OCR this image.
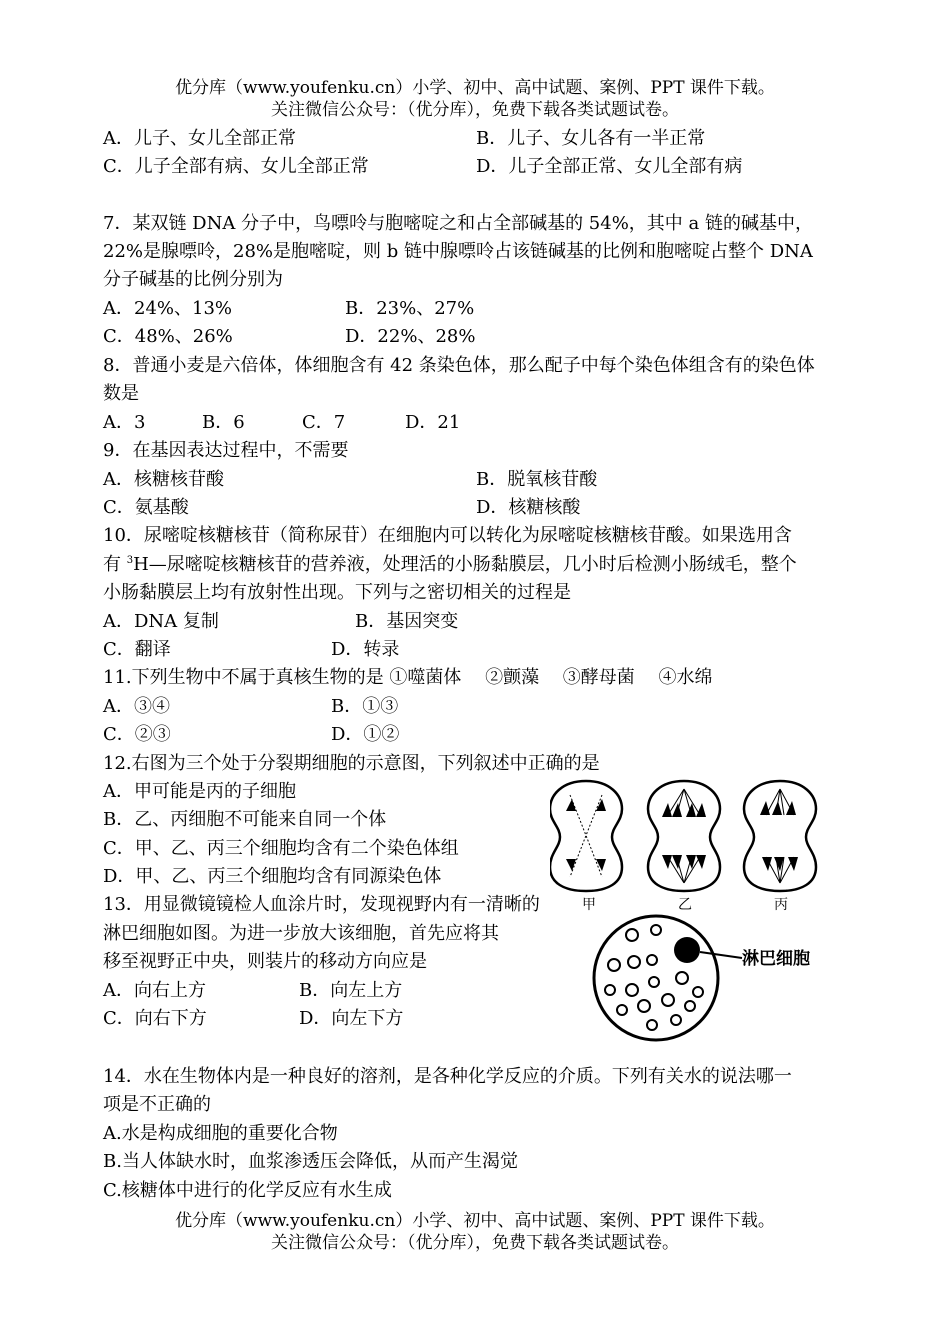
优分库（www.youfenku.cn）小学、初中、高中试题、案例、PPT 课件下载。
关注微信公众号：（优分库），免费下载各类试题试卷。
A．儿子、女儿全部正常	B．儿子、女儿各有一半正常
C．儿子全部有病、女儿全部正常	D．儿子全部正常、女儿全部有病
7．某双链 DNA 分子中，鸟嘌呤与胞嘧啶之和占全部碱基的 54%，其中 a 链的碱基中，
22%是腺嘌呤，28%是胞嘧啶，则 b 链中腺嘌呤占该链碱基的比例和胞嘧啶占整个 DNA
分子碱基的比例分别为
A．24%、13%	B．23%、27%
C．48%、26%	D．22%、28%
8．普通小麦是六倍体，体细胞含有 42 条染色体，那么配子中每个染色体组含有的染色体
数是
A．3	B．6	C．7	D．21
9．在基因表达过程中，不需要
A．核糖核苷酸	B．脱氧核苷酸
C．氨基酸	D．核糖核酸
10．尿嘧啶核糖核苷（简称尿苷）在细胞内可以转化为尿嘧啶核糖核苷酸。如果选用含
有 $^3$H—尿嘧啶核糖核苷的营养液，处理活的小肠黏膜层，几小时后检测小肠绒毛，整个
小肠黏膜层上均有放射性出现。下列与之密切相关的过程是
A．DNA 复制	B．基因突变
C．翻译	D．转录
11.下列生物中不属于真核生物的是 ①噬菌体　 ②颤藻　 ③酵母菌　 ④水绵
A．③④	B．①③
C．②③	D．①②
12.右图为三个处于分裂期细胞的示意图，下列叙述中正确的是
A．甲可能是丙的子细胞
B．乙、丙细胞不可能来自同一个体
C．甲、乙、丙三个细胞均含有二个染色体组
D．甲、乙、丙三个细胞均含有同源染色体
甲	乙	丙
13．用显微镜镜检人血涂片时，发现视野内有一清晰的
淋巴细胞如图。为进一步放大该细胞，首先应将其
移至视野正中央，则装片的移动方向应是
A．向右上方	B．向左上方
C．向右下方	D．向左下方
淋巴细胞
14．水在生物体内是一种良好的溶剂，是各种化学反应的介质。下列有关水的说法哪一
项是不正确的
A.水是构成细胞的重要化合物
B.当人体缺水时，血浆渗透压会降低，从而产生渴觉
C.核糖体中进行的化学反应有水生成
优分库（www.youfenku.cn）小学、初中、高中试题、案例、PPT 课件下载。
关注微信公众号：（优分库），免费下载各类试题试卷。
